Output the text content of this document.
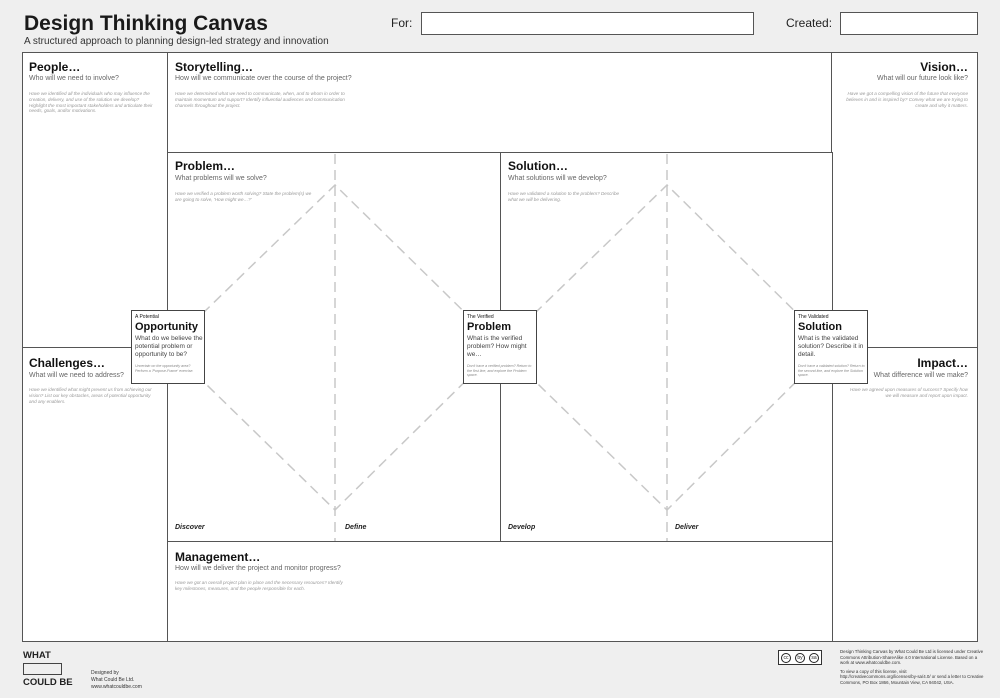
Design Thinking Canvas
A structured approach to planning design-led strategy and innovation
For:	Created:
People…
Who will we need to involve?
Have we identified all the individuals who may influence the creation, delivery, and use of the solution we develop? Highlight the most important stakeholders and articulate their needs, goals, and/or motivations.
Storytelling…
How will we communicate over the course of the project?
Have we determined what we need to communicate, when, and to whom in order to maintain momentum and support? Identify influential audiences and communication channels throughout the project.
Vision…
What will our future look like?
Have we got a compelling vision of the future that everyone believes in and is inspired by? Convey what we are trying to create and why it matters.
Problem…
What problems will we solve?
Have we verified a problem worth solving? State the problem(s) we are going to solve, 'How might we…?'
Solution…
What solutions will we develop?
Have we validated a solution to the problem? Describe what we will be delivering.
Challenges…
What will we need to address?
Have we identified what might prevent us from achieving our vision? List our key obstacles, areas of potential opportunity and any enablers.
Impact…
What difference will we make?
Have we agreed upon measures of success? Specify how we will measure and report upon impact.
Management…
How will we deliver the project and monitor progress?
Have we got an overall project plan in place and the necessary resources? Identify key milestones, measures, and the people responsible for each.
A Potential
Opportunity
What do we believe the potential problem or opportunity to be?
Uncertain on the opportunity area? Perform a 'Purpose-Frame' exercise.
The Verified
Problem
What is the verified problem? How might we…
Don't have a verified problem? Return to the first line, and explore the Problem space.
The Validated
Solution
What is the validated solution? Describe it in detail.
Don't have a validated solution? Return to the second line, and explore the Solution space.
Discover	Define	Develop	Deliver
WHAT
COULD BE
Designed by
What Could Be Ltd.
www.whatcouldbe.com
cc	by	sa
Design Thinking Canvas by What Could Be Ltd is licensed under Creative Commons Attribution-ShareAlike 4.0 International License. Based on a work at www.whatcouldbe.com.
To view a copy of this license, visit http://creativecommons.org/licenses/by-sa/4.0/ or send a letter to Creative Commons, PO Box 1866, Mountain View, CA 94042, USA.
